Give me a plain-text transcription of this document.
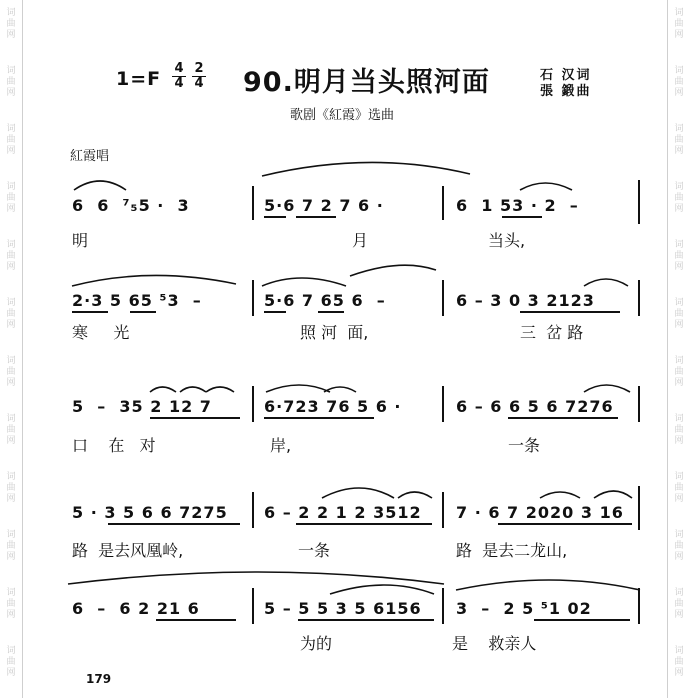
词
曲
网
词
曲
网
词
曲
网
词
曲
网
词
曲
网
词
曲
网
词
曲
网
词
曲
网
词
曲
网
词
曲
网
词
曲
网
词
曲
网
词
曲
网
词
曲
网
词
曲
网
词
曲
网
词
曲
网
词
曲
网
词
曲
网
词
曲
网
词
曲
网
词
曲
网
词
曲
网
词
曲
网
1=F 4
4
2
4 90.明月当头照河面	石 汉词
張 鍛曲
歌剧《紅霞》选曲
紅霞唱
6  6  ⁷₅5 ·  3	5·6 7 2 7 6 ·	6  1 53 · 2  –
明	月	当头,
2·3 5 65 ⁵3  –	5·6 7 65 6  –	6 – 3 0 3 2123
寒     光	照 河  面,	三  岔 路
5  –  35 2 12 7	6·723 76 5 6 ·	6 – 6 6 5 6 7276
口    在   对	岸,	一条
5 · 3 5 6 6 7275 6 – 2 2 1 2 3512 7 · 6 7 2020 3 16
路  是去风凰岭,	一条	路  是去二龙山,
6  –  6 2 21 6	5 – 5 5 3 5 6156 3  –  2 5 ⁵1 02
为的	是    救亲人
179
